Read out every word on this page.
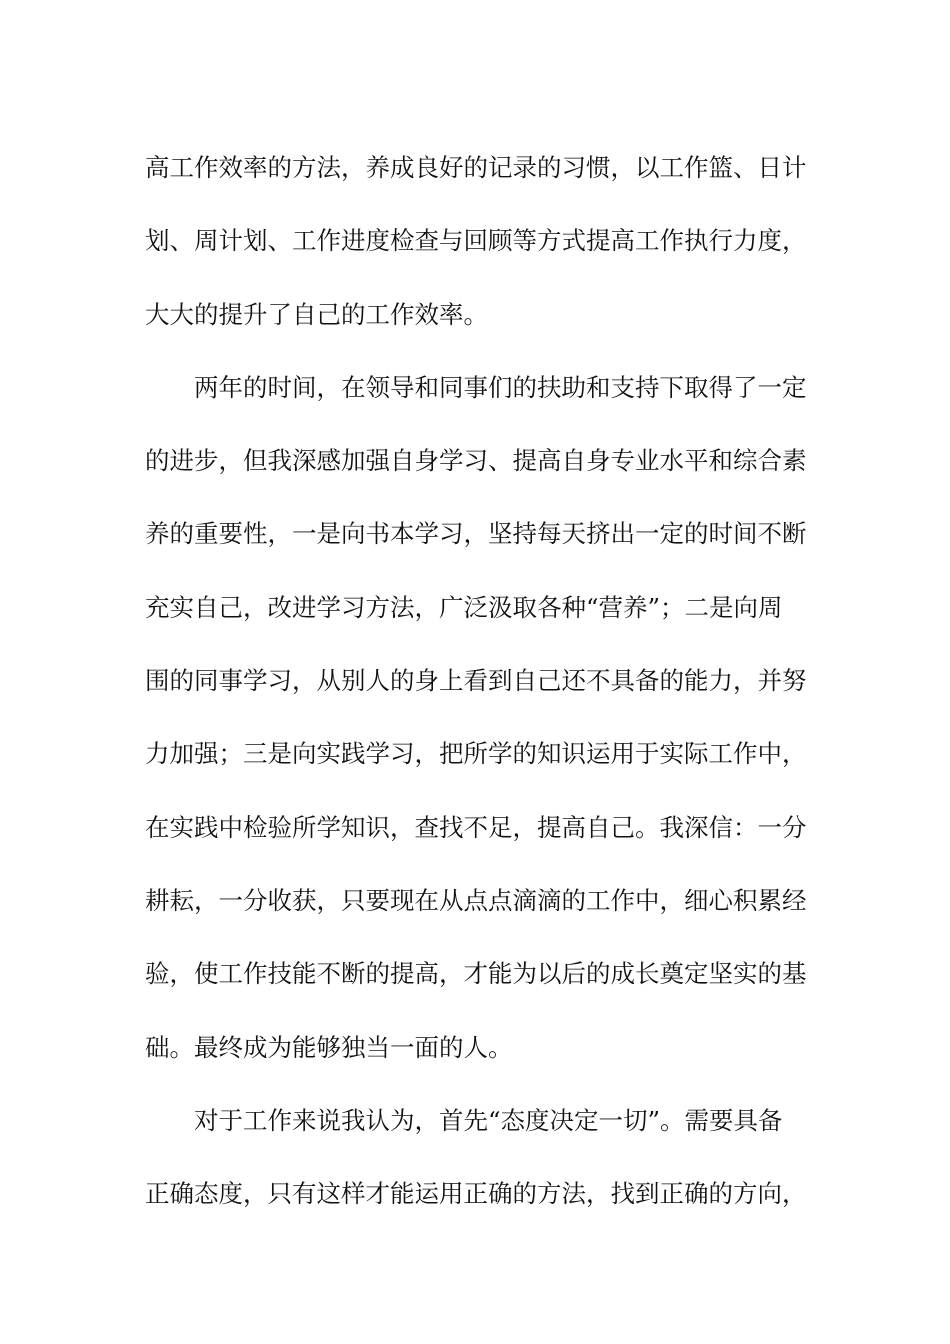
高工作效率的方法，养成良好的记录的习惯，以工作篮、日计
划、周计划、工作进度检查与回顾等方式提高工作执行力度，
大大的提升了自己的工作效率。
两年的时间，在领导和同事们的扶助和支持下取得了一定
的进步，但我深感加强自身学习、提高自身专业水平和综合素
养的重要性，一是向书本学习，坚持每天挤出一定的时间不断
充实自己，改进学习方法，广泛汲取各种“营养”；二是向周
围的同事学习，从别人的身上看到自己还不具备的能力，并努
力加强；三是向实践学习，把所学的知识运用于实际工作中，
在实践中检验所学知识，查找不足，提高自己。我深信：一分
耕耘，一分收获，只要现在从点点滴滴的工作中，细心积累经
验，使工作技能不断的提高，才能为以后的成长奠定坚实的基
础。最终成为能够独当一面的人。
对于工作来说我认为，首先“态度决定一切”。需要具备
正确态度，只有这样才能运用正确的方法，找到正确的方向，
